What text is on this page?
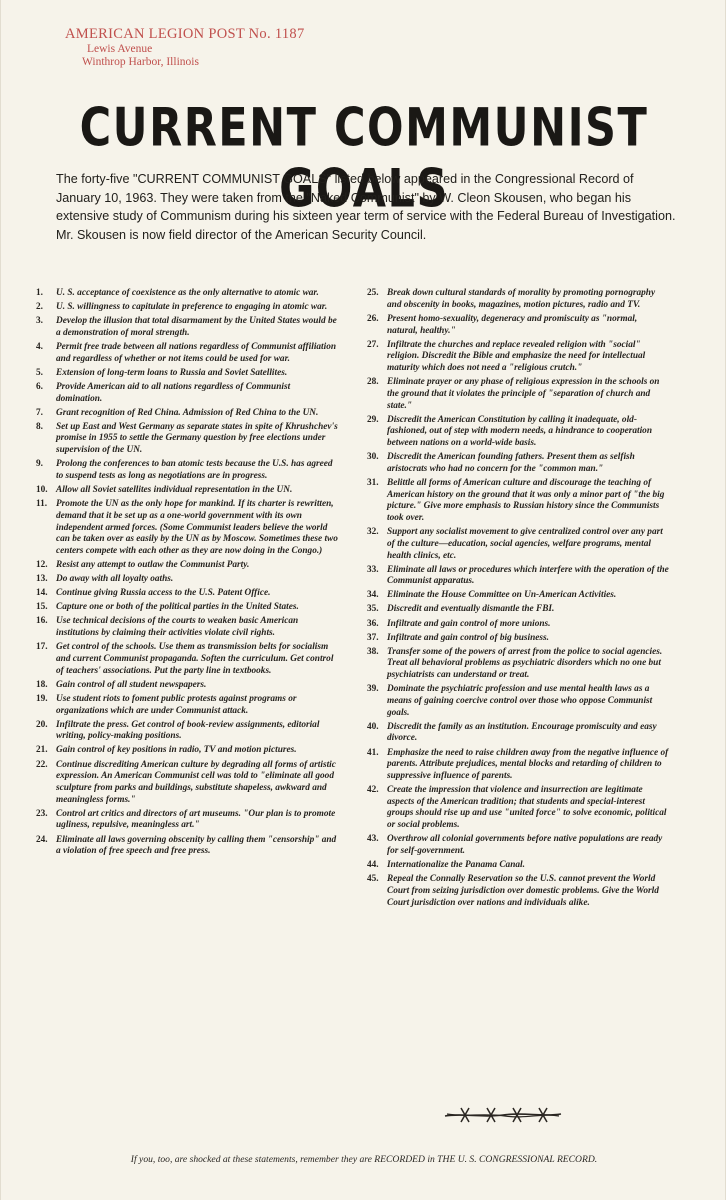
AMERICAN LEGION POST No. 1187
Lewis Avenue
Winthrop Harbor, Illinois
CURRENT COMMUNIST GOALS

The forty-five "CURRENT COMMUNIST GOALS" listed below appeared in the Congressional Record of January 10, 1963. They were taken from the "Naked Communist" by W. Cleon Skousen, who began his extensive study of Communism during his sixteen year term of service with the Federal Bureau of Investigation. Mr. Skousen is now field director of the American Security Council.

1.	U. S. acceptance of coexistence as the only alternative to atomic war.
2.	U. S. willingness to capitulate in preference to engaging in atomic war.
3.	Develop the illusion that total disarmament by the United States would be a demonstration of moral strength.
4.	Permit free trade between all nations regardless of Communist affiliation and regardless of whether or not items could be used for war.
5.	Extension of long-term loans to Russia and Soviet Satellites.
6.	Provide American aid to all nations regardless of Communist domination.
7.	Grant recognition of Red China. Admission of Red China to the UN.
8.	Set up East and West Germany as separate states in spite of Khrushchev's promise in 1955 to settle the Germany question by free elections under supervision of the UN.
9.	Prolong the conferences to ban atomic tests because the U.S. has agreed to suspend tests as long as negotiations are in progress.
10. Allow all Soviet satellites individual representation in the UN.
11. Promote the UN as the only hope for mankind. If its charter is rewritten, demand that it be set up as a one-world government with its own independent armed forces. (Some Communist leaders believe the world can be taken over as easily by the UN as by Moscow. Sometimes these two centers compete with each other as they are now doing in the Congo.)
12. Resist any attempt to outlaw the Communist Party.
13. Do away with all loyalty oaths.
14. Continue giving Russia access to the U.S. Patent Office.
15. Capture one or both of the political parties in the United States.
16. Use technical decisions of the courts to weaken basic American institutions by claiming their activities violate civil rights.
17. Get control of the schools. Use them as transmission belts for socialism and current Communist propaganda. Soften the curriculum. Get control of teachers' associations. Put the party line in textbooks.
18. Gain control of all student newspapers.
19. Use student riots to foment public protests against programs or organizations which are under Communist attack.
20. Infiltrate the press. Get control of book-review assignments, editorial writing, policy-making positions.
21. Gain control of key positions in radio, TV and motion pictures.
22. Continue discrediting American culture by degrading all forms of artistic expression. An American Communist cell was told to "eliminate all good sculpture from parks and buildings, substitute shapeless, awkward and meaningless forms."
23. Control art critics and directors of art museums. "Our plan is to promote ugliness, repulsive, meaningless art."
24. Eliminate all laws governing obscenity by calling them "censorship" and a violation of free speech and free press.
25. Break down cultural standards of morality by promoting pornography and obscenity in books, magazines, motion pictures, radio and TV.
26. Present homo-sexuality, degeneracy and promiscuity as "normal, natural, healthy."
27. Infiltrate the churches and replace revealed religion with "social" religion. Discredit the Bible and emphasize the need for intellectual maturity which does not need a "religious crutch."
28. Eliminate prayer or any phase of religious expression in the schools on the ground that it violates the principle of "separation of church and state."
29. Discredit the American Constitution by calling it inadequate, old-fashioned, out of step with modern needs, a hindrance to cooperation between nations on a world-wide basis.
30. Discredit the American founding fathers. Present them as selfish aristocrats who had no concern for the "common man."
31. Belittle all forms of American culture and discourage the teaching of American history on the ground that it was only a minor part of "the big picture." Give more emphasis to Russian history since the Communists took over.
32. Support any socialist movement to give centralized control over any part of the culture—education, social agencies, welfare programs, mental health clinics, etc.
33. Eliminate all laws or procedures which interfere with the operation of the Communist apparatus.
34. Eliminate the House Committee on Un-American Activities.
35. Discredit and eventually dismantle the FBI.
36. Infiltrate and gain control of more unions.
37. Infiltrate and gain control of big business.
38. Transfer some of the powers of arrest from the police to social agencies. Treat all behavioral problems as psychiatric disorders which no one but psychiatrists can understand or treat.
39. Dominate the psychiatric profession and use mental health laws as a means of gaining coercive control over those who oppose Communist goals.
40. Discredit the family as an institution. Encourage promiscuity and easy divorce.
41. Emphasize the need to raise children away from the negative influence of parents. Attribute prejudices, mental blocks and retarding of children to suppressive influence of parents.
42. Create the impression that violence and insurrection are legitimate aspects of the American tradition; that students and special-interest groups should rise up and use "united force" to solve economic, political or social problems.
43. Overthrow all colonial governments before native populations are ready for self-government.
44. Internationalize the Panama Canal.
45. Repeal the Connally Reservation so the U.S. cannot prevent the World Court from seizing jurisdiction over domestic problems. Give the World Court jurisdiction over nations and individuals alike.

If you, too, are shocked at these statements, remember they are RECORDED in THE U. S. CONGRESSIONAL RECORD.
